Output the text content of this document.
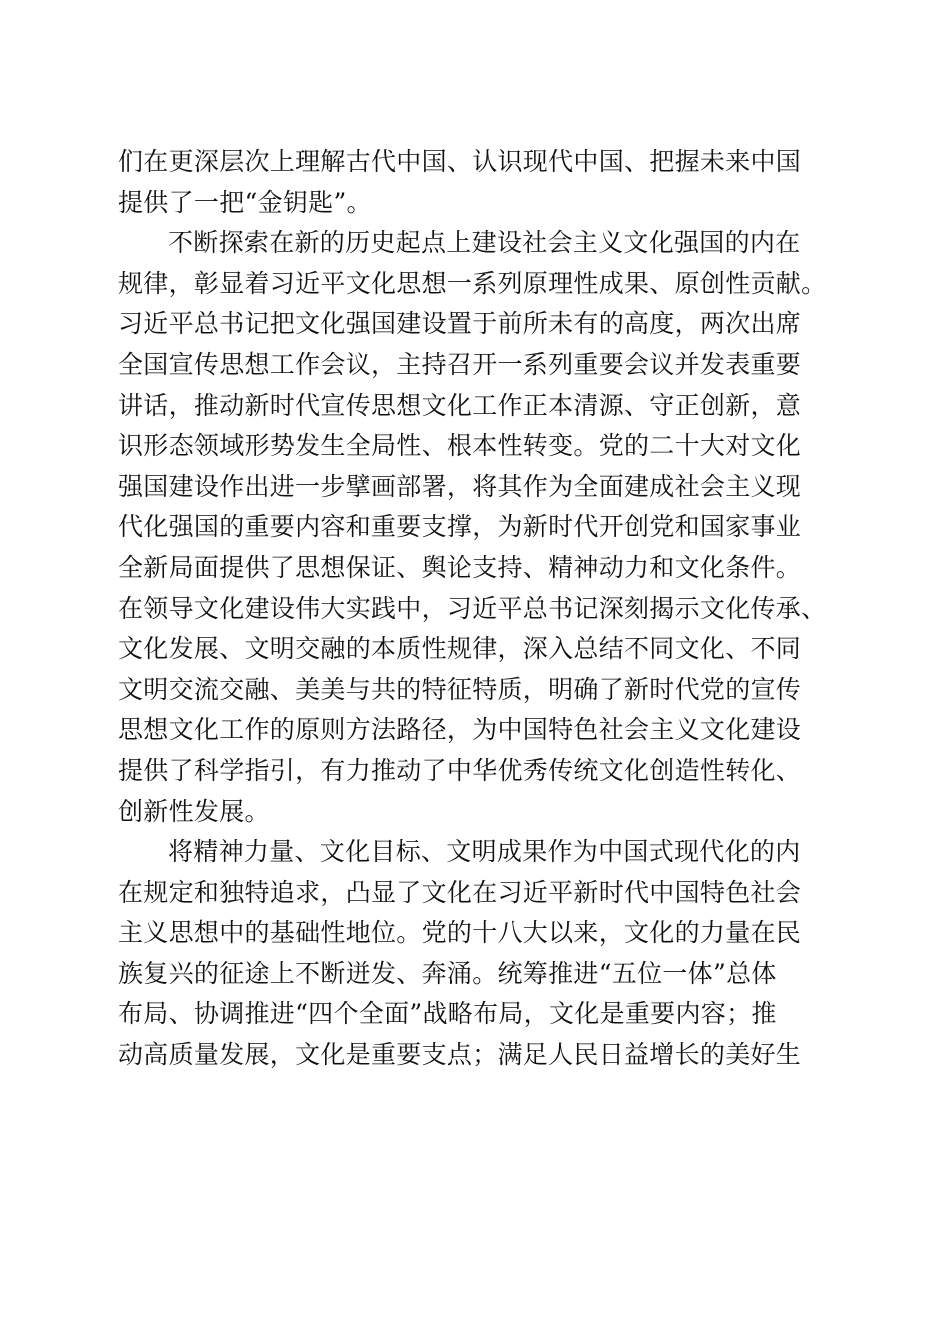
们在更深层次上理解古代中国、认识现代中国、把握未来中国
提供了一把“金钥匙”。
不断探索在新的历史起点上建设社会主义文化强国的内在
规律，彰显着习近平文化思想一系列原理性成果、原创性贡献。
习近平总书记把文化强国建设置于前所未有的高度，两次出席
全国宣传思想工作会议，主持召开一系列重要会议并发表重要
讲话，推动新时代宣传思想文化工作正本清源、守正创新，意
识形态领域形势发生全局性、根本性转变。党的二十大对文化
强国建设作出进一步擘画部署，将其作为全面建成社会主义现
代化强国的重要内容和重要支撑，为新时代开创党和国家事业
全新局面提供了思想保证、舆论支持、精神动力和文化条件。
在领导文化建设伟大实践中，习近平总书记深刻揭示文化传承、
文化发展、文明交融的本质性规律，深入总结不同文化、不同
文明交流交融、美美与共的特征特质，明确了新时代党的宣传
思想文化工作的原则方法路径，为中国特色社会主义文化建设
提供了科学指引，有力推动了中华优秀传统文化创造性转化、
创新性发展。
将精神力量、文化目标、文明成果作为中国式现代化的内
在规定和独特追求，凸显了文化在习近平新时代中国特色社会
主义思想中的基础性地位。党的十八大以来，文化的力量在民
族复兴的征途上不断迸发、奔涌。统筹推进“五位一体”总体
布局、协调推进“四个全面”战略布局，文化是重要内容；推
动高质量发展，文化是重要支点；满足人民日益增长的美好生
